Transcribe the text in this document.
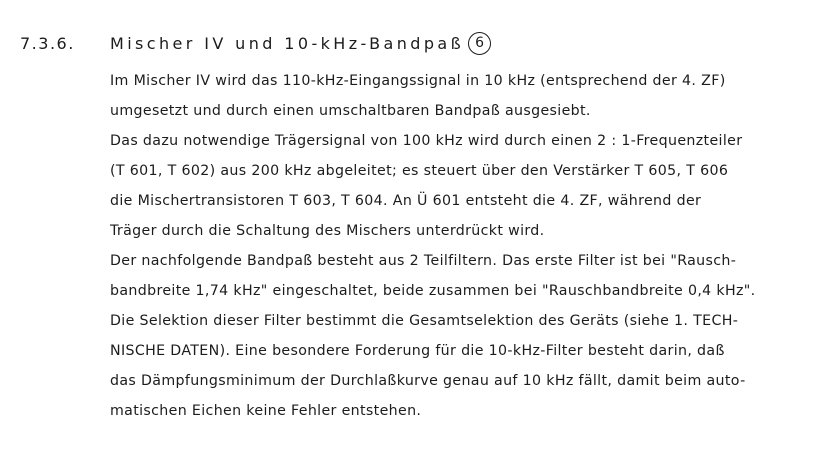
7.3.6.	Mischer IV und 10-kHz-Bandpaß 6
Im Mischer IV wird das 110-kHz-Eingangssignal in 10 kHz (entsprechend der 4. ZF)
umgesetzt und durch einen umschaltbaren Bandpaß ausgesiebt.
Das dazu notwendige Trägersignal von 100 kHz wird durch einen 2 : 1-Frequenzteiler
(T 601, T 602) aus 200 kHz abgeleitet; es steuert über den Verstärker T 605, T 606
die Mischertransistoren T 603, T 604. An Ü 601 entsteht die 4. ZF, während der
Träger durch die Schaltung des Mischers unterdrückt wird.
Der nachfolgende Bandpaß besteht aus 2 Teilfiltern. Das erste Filter ist bei "Rausch-
bandbreite 1,74 kHz" eingeschaltet, beide zusammen bei "Rauschbandbreite 0,4 kHz".
Die Selektion dieser Filter bestimmt die Gesamtselektion des Geräts (siehe 1. TECH-
NISCHE DATEN). Eine besondere Forderung für die 10-kHz-Filter besteht darin, daß
das Dämpfungsminimum der Durchlaßkurve genau auf 10 kHz fällt, damit beim auto-
matischen Eichen keine Fehler entstehen.
